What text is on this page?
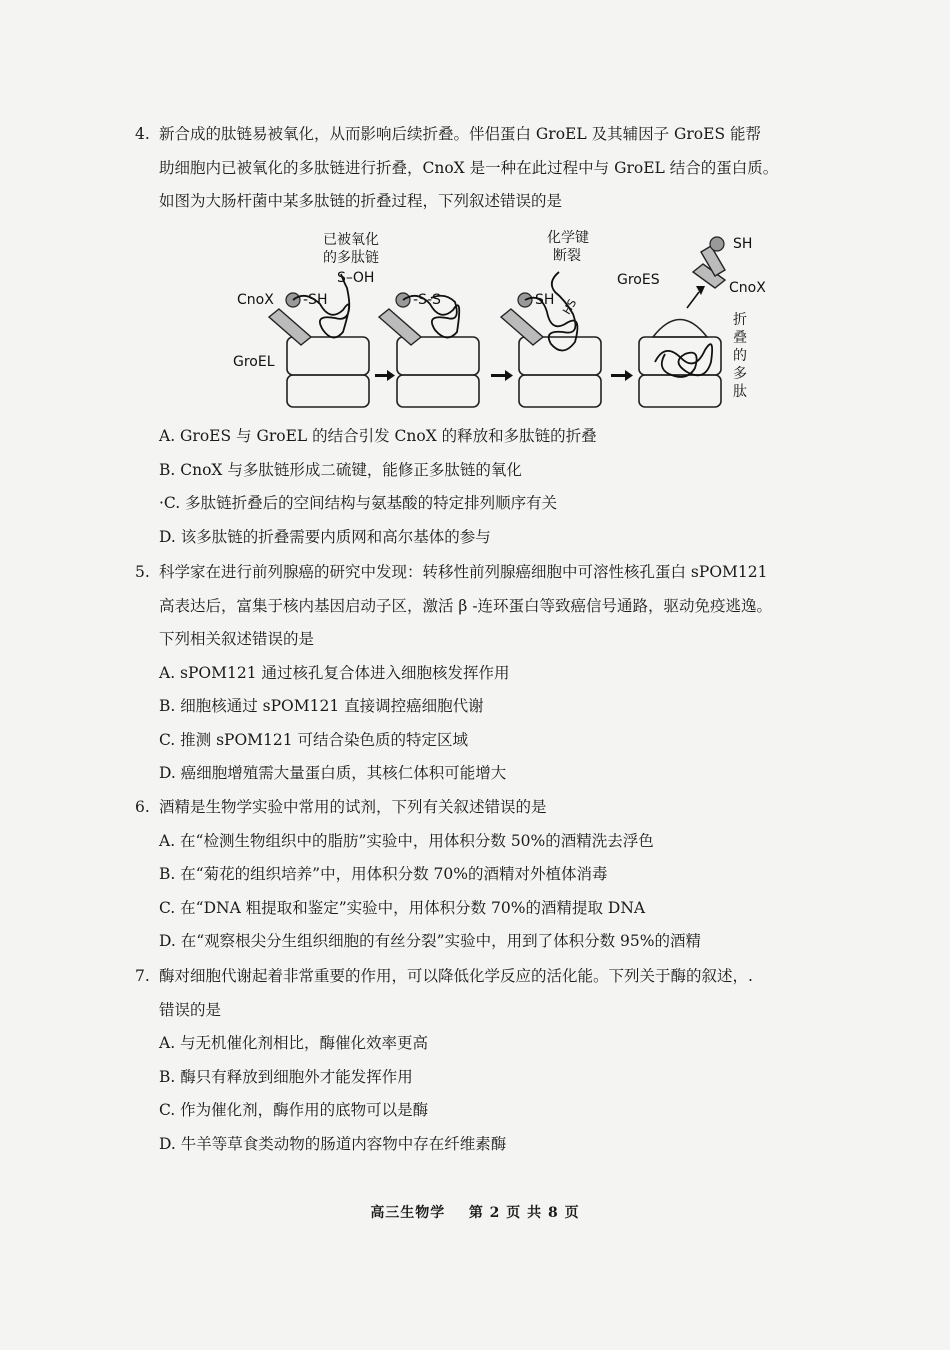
4. 新合成的肽链易被氧化，从而影响后续折叠。伴侣蛋白 GroEL 及其辅因子 GroES 能帮
助细胞内已被氧化的多肽链进行折叠，CnoX 是一种在此过程中与 GroEL 结合的蛋白质。
如图为大肠杆菌中某多肽链的折叠过程，下列叙述错误的是
CnoX -SH
S–OH
已被氧化
的多肽链
GroEL
-S-S
化学键
断裂
SH HS
GroES
SH
CnoX
折
叠
的
多
肽
A. GroES 与 GroEL 的结合引发 CnoX 的释放和多肽链的折叠
B. CnoX 与多肽链形成二硫键，能修正多肽链的氧化
·C. 多肽链折叠后的空间结构与氨基酸的特定排列顺序有关
D. 该多肽链的折叠需要内质网和高尔基体的参与
5. 科学家在进行前列腺癌的研究中发现：转移性前列腺癌细胞中可溶性核孔蛋白 sPOM121
高表达后，富集于核内基因启动子区，激活 β -连环蛋白等致癌信号通路，驱动免疫逃逸。
下列相关叙述错误的是
A. sPOM121 通过核孔复合体进入细胞核发挥作用
B. 细胞核通过 sPOM121 直接调控癌细胞代谢
C. 推测 sPOM121 可结合染色质的特定区域
D. 癌细胞增殖需大量蛋白质，其核仁体积可能增大
6. 酒精是生物学实验中常用的试剂，下列有关叙述错误的是
A. 在“检测生物组织中的脂肪”实验中，用体积分数 50%的酒精洗去浮色
B. 在“菊花的组织培养”中，用体积分数 70%的酒精对外植体消毒
C. 在“DNA 粗提取和鉴定”实验中，用体积分数 70%的酒精提取 DNA
D. 在“观察根尖分生组织细胞的有丝分裂”实验中，用到了体积分数 95%的酒精
7. 酶对细胞代谢起着非常重要的作用，可以降低化学反应的活化能。下列关于酶的叙述，.
错误的是
A. 与无机催化剂相比，酶催化效率更高
B. 酶只有释放到细胞外才能发挥作用
C. 作为催化剂，酶作用的底物可以是酶
D. 牛羊等草食类动物的肠道内容物中存在纤维素酶
高三生物学 第 2 页 共 8 页
